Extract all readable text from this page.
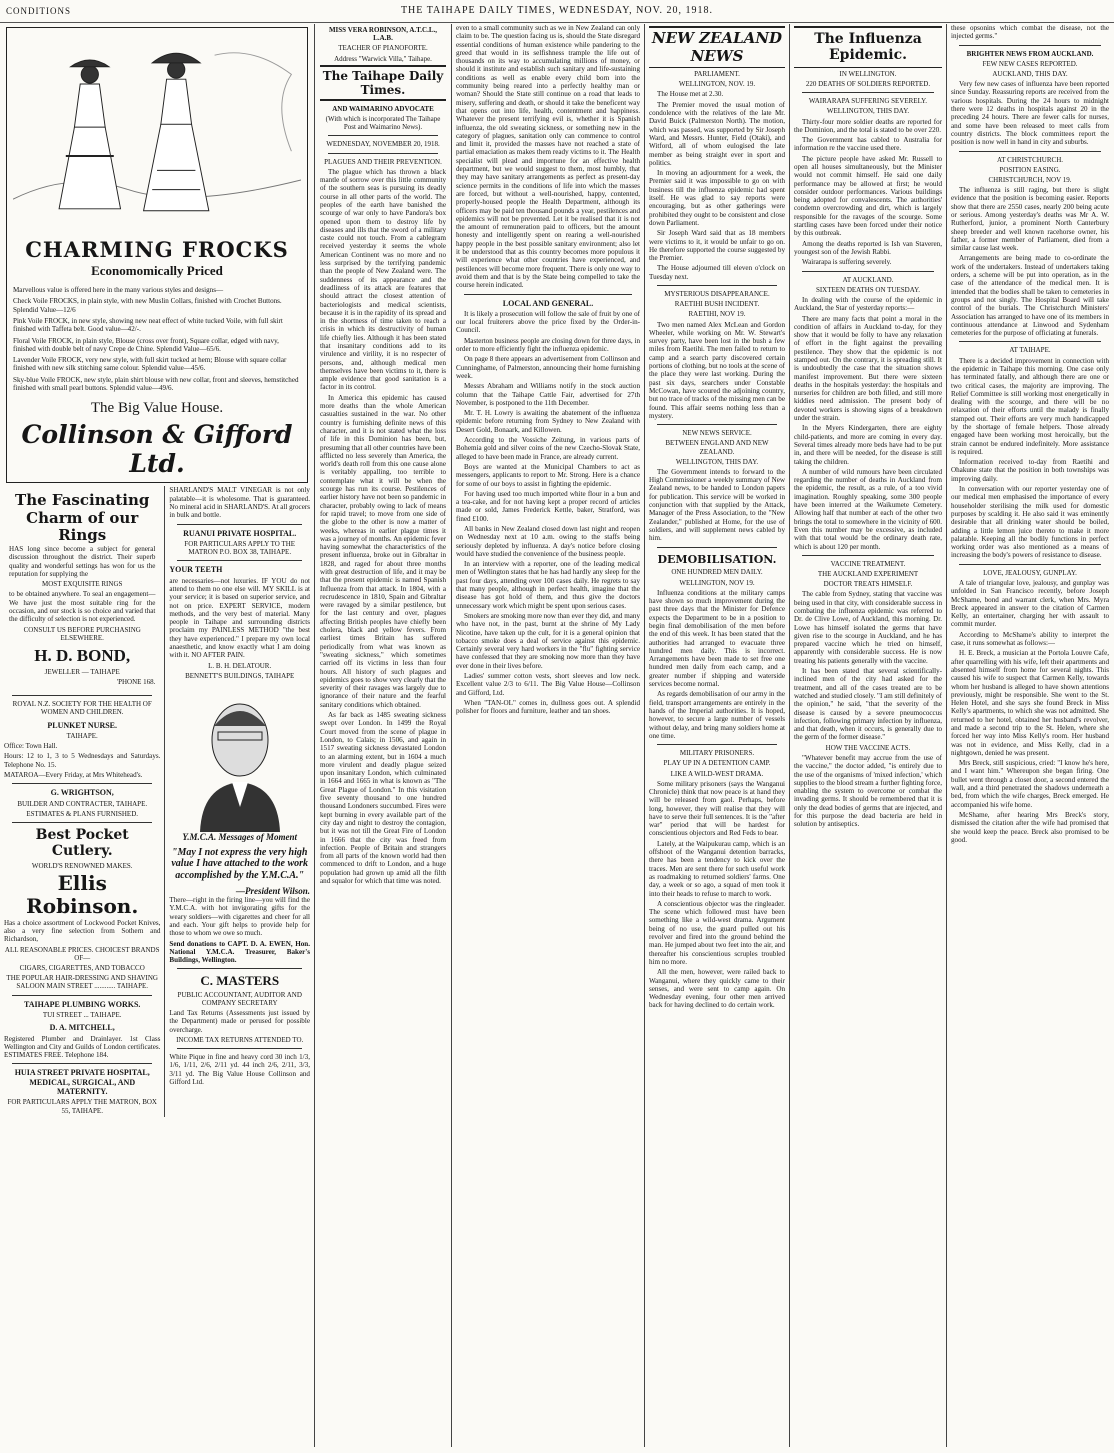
CONDITIONS	THE TAIHAPE DAILY TIMES, WEDNESDAY, NOV. 20, 1918.
CHARMING FROCKS
Economomically Priced

Marvellous value is offered here in the many various styles and designs—

Check Voile FROCKS, in plain style, with new Muslin Collars, finished with Crochet Buttons. Splendid Value—12/6

Pink Voile FROCK, in new style, showing new neat effect of white tucked Voile, with full skirt finished with Taffeta belt. Good value—42/-.

Floral Voile FROCK, in plain style, Blouse (cross over front), Square collar, edged with navy, finished with double belt of navy Crepe de Chine. Splendid Value—65/6.

Lavender Voile FROCK, very new style, with full skirt tucked at hem; Blouse with square collar finished with new silk stitching same colour. Splendid value—45/6.

Sky-blue Voile FROCK, new style, plain shirt blouse with new collar, front and sleeves, hemstitched finished with small pearl buttons. Splendid value—49/6.

The Big Value House.
Collinson & Gifford Ltd.
The Fascinating Charm of our Rings

HAS long since become a subject for general discussion throughout the district. Their superb quality and wonderful settings has won for us the reputation for supplying the

MOST EXQUISITE RINGS

to be obtained anywhere. To seal an engagement— We have just the most suitable ring for the occasion, and our stock is so choice and varied that the difficulty of selection is not experienced.

CONSULT US BEFORE PURCHASING ELSEWHERE.
H. D. BOND,
JEWELLER — TAIHAPE
'PHONE 168.
ROYAL N.Z. SOCIETY FOR THE HEALTH OF WOMEN AND CHILDREN.
PLUNKET NURSE.
TAIHAPE.

Office: Town Hall.

Hours: 12 to 1, 3 to 5 Wednesdays and Saturdays. Telephone No. 15.

MATAROA—Every Friday, at Mrs Whitehead's.

G. WRIGHTSON,
BUILDER AND CONTRACTER, TAIHAPE.
ESTIMATES & PLANS FURNISHED.
Best Pocket Cutlery.
WORLD'S RENOWNED MAKES.
Ellis Robinson.

Has a choice assortment of Lockwood Pocket Knives, also a very fine selection from Sothern and Richardson,

ALL REASONABLE PRICES. CHOICEST BRANDS OF—
CIGARS, CIGARETTES, AND TOBACCO
THE POPULAR HAIR-DRESSING AND SHAVING SALOON MAIN STREET ............ TAIHAPE.
TAIHAPE PLUMBING WORKS.
TUI STREET ... TAIHAPE.
D. A. MITCHELL,

Registered Plumber and Drainlayer. 1st Class Wellington and City and Guilds of London certificates. ESTIMATES FREE. Telephone 184.

HUIA STREET PRIVATE HOSPITAL, MEDICAL, SURGICAL, AND MATERNITY.
FOR PARTICULARS APPLY THE MATRON, BOX 55, TAIHAPE.

SHARLAND'S MALT VINEGAR is not only palatable—it is wholesome. That is guaranteed. No mineral acid in SHARLAND'S. At all grocers in bulk and bottle.

RUANUI PRIVATE HOSPITAL.
FOR PARTICULARS APPLY TO THE MATRON P.O. BOX 38, TAIHAPE.
YOUR TEETH

are necessaries—not luxuries. IF YOU do not attend to them no one else will. MY SKILL is at your service; it is based on superior service, and not on price. EXPERT SERVICE, modern methods, and the very best of material. Many people in Taihape and surrounding districts proclaim my PAINLESS METHOD "the best they have experienced." I prepare my own local anaesthetic, and know exactly what I am doing with it. NO AFTER PAIN.

L. B. H. DELATOUR.
BENNETT'S BUILDINGS, TAIHAPE
Y.M.C.A. Messages of Moment
"May I not express the very high value I have attached to the work accomplished by the Y.M.C.A."
—President Wilson.

There—right in the firing line—you will find the Y.M.C.A. with hot invigorating gifts for the weary soldiers—with cigarettes and cheer for all and each. Your gift helps to provide help for those to whom we owe so much.

Send donations to CAPT. D. A. EWEN, Hon. National Y.M.C.A. Treasurer, Baker's Buildings, Wellington.

C. MASTERS
PUBLIC ACCOUNTANT, AUDITOR AND COMPANY SECRETARY

Land Tax Returns (Assessments just issued by the Department) made or perused for possible overcharge.

INCOME TAX RETURNS ATTENDED TO.

White Pique in fine and heavy cord 30 inch 1/3, 1/6, 1/11, 2/6, 2/11 yd. 44 inch 2/6, 2/11, 3/3, 3/11 yd. The Big Value House Collinson and Gifford Ltd.

MISS VERA ROBINSON, A.T.C.L., L.A.B.
TEACHER OF PIANOFORTE.
Address "Warwick Villa," Taihape.
The Taihape Daily Times.
AND WAIMARINO ADVOCATE
(With which is incorporated The Taihape Post and Waimarino News).
WEDNESDAY, NOVEMBER 20, 1918.
PLAGUES AND THEIR PREVENTION.

The plague which has thrown a black mantle of sorrow over this little community of the southern seas is pursuing its deadly course in all other parts of the world. The peoples of the earth have banished the scourge of war only to have Pandora's box opened upon them to destroy life by diseases and ills that the sword of a military caste could not touch. From a cablegram received yesterday it seems the whole American Continent was no more and no less surprised by the terrifying pandemic than the people of New Zealand were. The suddenness of its appearance and the deadliness of its attack are features that should attract the closest attention of bacteriologists and medical scientists, because it is in the rapidity of its spread and in the shortness of time taken to reach a crisis in which its destructivity of human life chiefly lies. Although it has been stated that insanitary conditions add to its virulence and virility, it is no respecter of persons, and, although medical men themselves have been victims to it, there is ample evidence that good sanitation is a factor in its control.

In America this epidemic has caused more deaths than the whole American casualties sustained in the war. No other country is furnishing definite news of this character, and it is not stated what the loss of life in this Dominion has been, but, presuming that all other countries have been afflicted no less severely than America, the world's death roll from this one cause alone is veritably appalling, too terrible to contemplate what it will be when the scourge has run its course. Pestilences of earlier history have not been so pandemic in character, probably owing to lack of means for rapid travel; to move from one side of the globe to the other is now a matter of weeks, whereas in earlier plague times it was a journey of months. An epidemic fever having somewhat the characteristics of the present influenza, broke out in Gibraltar in 1828, and raged for about three months with great destruction of life, and it may be that the present epidemic is named Spanish Influenza from that attack. In 1804, with a recrudescence in 1810, Spain and Gibraltar were ravaged by a similar pestilence, but for the last century and over, plagues affecting British peoples have chiefly been cholera, black and yellow fevers. From earliest times Britain has suffered periodically from what was known as "sweating sickness," which sometimes carried off its victims in less than four hours. All history of such plagues and epidemics goes to show very clearly that the severity of their ravages was largely due to ignorance of their nature and the fearful sanitary conditions which obtained.

As far back as 1485 sweating sickness swept over London. In 1499 the Royal Court moved from the scene of plague in London, to Calais; in 1506, and again in 1517 sweating sickness devastated London to an alarming extent, but in 1604 a much more virulent and deadly plague seized upon insanitary London, which culminated in 1664 and 1665 in what is known as "The Great Plague of London." In this visitation five seventy thousand to one hundred thousand Londoners succumbed. Fires were kept burning in every available part of the city day and night to destroy the contagion, but it was not till the Great Fire of London in 1666 that the city was freed from infection. People of Britain and strangers from all parts of the known world had then commenced to drift to London, and a huge population had grown up amid all the filth and squalor for which that time was noted.

even to a small community such as we in New Zealand can only claim to be. The question facing us is, should the State disregard essential conditions of human existence while pandering to the greed that would in its selfishness trample the life out of thousands on its way to accumulating millions of money, or should it institute and establish such sanitary and life-sustaining conditions as well as enable every child born into the community being reared into a perfectly healthy man or woman? Should the State still continue on a road that leads to misery, suffering and death, or should it take the beneficent way that opens out into life, health, contentment and happiness. Whatever the present terrifying evil is, whether it is Spanish influenza, the old sweating sickness, or something new in the category of plagues, sanitation only can commence to control and limit it, provided the masses have not reached a state of partial emaciation as makes them ready victims to it. The Health specialist will plead and importune for an effective health department, but we would suggest to them, most humbly, that they may have sanitary arrangements as perfect as present-day science permits in the conditions of life into which the masses are forced, but without a well-nourished, happy, contented, properly-housed people the Health Department, although its officers may be paid ten thousand pounds a year, pestilences and epidemics will not be prevented. Let it be realised that it is not the amount of remuneration paid to officers, but the amount honesty and intelligently spent on rearing a well-nourished happy people in the best possible sanitary environment; also let it be understood that as this country becomes more populous it will experience what other countries have experienced, and pestilences will become more frequent. There is only one way to avoid them and that is by the State being compelled to take the course herein indicated.

LOCAL AND GENERAL.

It is likely a prosecution will follow the sale of fruit by one of our local fruiterers above the price fixed by the Order-in-Council.

Masterton business people are closing down for three days, in order to more efficiently fight the influenza epidemic.

On page 8 there appears an advertisement from Collinson and Cunninghame, of Palmerston, announcing their home furnishing week.

Messrs Abraham and Williams notify in the stock auction column that the Taihape Cattle Fair, advertised for 27th November, is postponed to the 11th December.

Mr. T. H. Lowry is awaiting the abatement of the influenza epidemic before returning from Sydney to New Zealand with Desert Gold, Bonaark, and Killowen.

According to the Vossiche Zeitung, in various parts of Bohemia gold and silver coins of the new Czecho-Slovak State, alleged to have been made in France, are already current.

Boys are wanted at the Municipal Chambers to act as messengers, applicants to report to Mr. Strong. Here is a chance for some of our boys to assist in fighting the epidemic.

For having used too much imported white flour in a bun and a tea-cake, and for not having kept a proper record of articles made or sold, James Frederick Kettle, baker, Stratford, was fined £100.

All banks in New Zealand closed down last night and reopen on Wednesday next at 10 a.m. owing to the staffs being seriously depleted by influenza. A day's notice before closing would have studied the convenience of the business people.

In an interview with a reporter, one of the leading medical men of Wellington states that he has had hardly any sleep for the past four days, attending over 100 cases daily. He regrets to say that many people, although in perfect health, imagine that the disease has got hold of them, and thus give the doctors unnecessary work which might be spent upon serious cases.

Smokers are smoking more now than ever they did, and many who have not, in the past, burnt at the shrine of My Lady Nicotine, have taken up the cult, for it is a general opinion that tobacco smoke does a deal of service against this epidemic. Certainly several very hard workers in the "flu" fighting service have confessed that they are smoking now more than they have ever done in their lives before.

Ladies' summer cotton vests, short sleeves and low neck. Excellent value 2/3 to 6/11. The Big Value House—Collinson and Gifford, Ltd.

When "TAN-OL" comes in, dullness goes out. A splendid polisher for floors and furniture, leather and tan shoes.

NEW ZEALAND NEWS
PARLIAMENT.
WELLINGTON, NOV. 19.

The House met at 2.30.

The Premier moved the usual motion of condolence with the relatives of the late Mr. David Buick (Palmerston North). The motion, which was passed, was supported by Sir Joseph Ward, and Messrs. Hunter, Field (Otaki), and Witford, all of whom eulogised the late member as being straight ever in sport and politics.

In moving an adjournment for a week, the Premier said it was impossible to go on with business till the influenza epidemic had spent itself. He was glad to say reports were encouraging, but as other gatherings were prohibited they ought to be consistent and close down Parliament.

Sir Joseph Ward said that as 18 members were victims to it, it would be unfair to go on. He therefore supported the course suggested by the Premier.

The House adjourned till eleven o'clock on Tuesday next.

MYSTERIOUS DISAPPEARANCE.
RAETIHI BUSH INCIDENT.
RAETIHI, NOV 19.

Two men named Alex McLean and Gordon Wheeler, while working on Mr. W. Stewart's survey party, have been lost in the bush a few miles from Raetihi. The men failed to return to camp and a search party discovered certain portions of clothing, but no tools at the scene of the place they were last working. During the past six days, searchers under Constable McCowan, have scoured the adjoining country, but no trace of tracks of the missing men can be found. This affair seems nothing less than a mystery.

NEW NEWS SERVICE.
BETWEEN ENGLAND AND NEW ZEALAND.
WELLINGTON, THIS DAY.

The Government intends to forward to the High Commissioner a weekly summary of New Zealand news, to be handed to London papers for publication. This service will be worked in conjunction with that supplied by the Attack, Manager of the Press Association, to the "New Zealander," published at Home, for the use of soldiers, and will supplement news cabled by him.

DEMOBILISATION.
ONE HUNDRED MEN DAILY.
WELLINGTON, NOV 19.

Influenza conditions at the military camps have shown so much improvement during the past three days that the Minister for Defence expects the Department to be in a position to begin final demobilisation of the men before the end of this week. It has been stated that the authorities had arranged to evacuate three hundred men daily. This is incorrect. Arrangements have been made to set free one hundred men daily from each camp, and a greater number if shipping and waterside services become normal.

As regards demobilisation of our army in the field, transport arrangements are entirely in the hands of the Imperial authorities. It is hoped, however, to secure a large number of vessels without delay, and bring many soldiers home at one time.

MILITARY PRISONERS.
PLAY UP IN A DETENTION CAMP.
LIKE A WILD-WEST DRAMA.

Some military prisoners (says the Wanganui Chronicle) think that now peace is at hand they will be released from gaol. Perhaps, before long, however, they will realise that they will have to serve their full sentences. It is the "after war" period that will be hardest for conscientious objectors and Red Feds to bear.

Lately, at the Waipukurau camp, which is an offshoot of the Wanganui detention barracks, there has been a tendency to kick over the traces. Men are sent there for such useful work as roadmaking to returned soldiers' farms. One day, a week or so ago, a squad of men took it into their heads to refuse to march to work.

A conscientious objector was the ringleader. The scene which followed must have been something like a wild-west drama. Argument being of no use, the guard pulled out his revolver and fired into the ground behind the man. He jumped about two feet into the air, and thereafter his conscientious scruples troubled him no more.

All the men, however, were railed back to Wanganui, where they quickly came to their senses, and were sent to camp again. On Wednesday evening, four other men arrived back for having declined to do certain work.

The Influenza Epidemic.
IN WELLINGTON.
220 DEATHS OF SOLDIERS REPORTED.
WAIRARAPA SUFFERING SEVERELY.
WELLINGTON, THIS DAY.

Thirty-four more soldier deaths are reported for the Dominion, and the total is stated to be over 220.

The Government has cabled to Australia for information re the vaccine used there.

The picture people have asked Mr. Russell to open all houses simultaneously, but the Minister would not commit himself. He said one daily performance may be allowed at first; he would consider outdoor performances. Various buildings being adopted for convalescents. The authorities' condemn overcrowding and dirt, which is largely responsible for the ravages of the scourge. Some startling cases have been forced under their notice by this outbreak.

Among the deaths reported is Ish van Staveren, youngest son of the Jewish Rabbi.

Wairarapa is suffering severely.

AT AUCKLAND.
SIXTEEN DEATHS ON TUESDAY.

In dealing with the course of the epidemic in Auckland, the Star of yesterday reports:—

There are many facts that point a moral in the condition of affairs in Auckland to-day, for they show that it would be folly to have any relaxation of effort in the fight against the prevailing pestilence. They show that the epidemic is not stamped out. On the contrary, it is spreading still. It is undoubtedly the case that the situation shows manifest improvement. But there were sixteen deaths in the hospitals yesterday: the hospitals and nurseries for children are both filled, and still more kiddies need admission. The present body of devoted workers is showing signs of a breakdown under the strain.

In the Myers Kindergarten, there are eighty child-patients, and more are coming in every day. Several times already more beds have had to be put in, and there will be needed, for the disease is still taking the children.

A number of wild rumours have been circulated regarding the number of deaths in Auckland from the epidemic, the result, as a rule, of a too vivid imagination. Roughly speaking, some 300 people have been interred at the Waikumete Cemetery. Allowing half that number at each of the other two brings the total to somewhere in the vicinity of 600. Even this number may be excessive, as included with that total would be the ordinary death rate, which is about 120 per month.

VACCINE TREATMENT.
THE AUCKLAND EXPERIMENT
DOCTOR TREATS HIMSELF.

The cable from Sydney, stating that vaccine was being used in that city, with considerable success in combating the influenza epidemic was referred to Dr. de Clive Lowe, of Auckland, this morning. Dr. Lowe has himself isolated the germs that have given rise to the scourge in Auckland, and he has prepared vaccine which he tried on himself, apparently with considerable success. He is now treating his patients generally with the vaccine.

It has been stated that several scientifically-inclined men of the city had asked for the treatment, and all of the cases treated are to be watched and studied closely. "I am still definitely of the opinion," he said, "that the severity of the disease is caused by a severe pneumococcus infection, following primary infection by influenza, and that death, when it occurs, is generally due to the germ of the former disease."

HOW THE VACCINE ACTS.

"Whatever benefit may accrue from the use of the vaccine," the doctor added, "is entirely due to the use of the organisms of 'mixed infection,' which supplies to the blood stream a further fighting force, enabling the system to overcome or combat the invading germs. It should be remembered that it is only the dead bodies of germs that are injected, and for this purpose the dead bacteria are held in solution by antiseptics.

these opsonins which combat the disease, not the injected germs."

BRIGHTER NEWS FROM AUCKLAND.
FEW NEW CASES REPORTED.
AUCKLAND, THIS DAY.

Very few new cases of influenza have been reported since Sunday. Reassuring reports are received from the various hospitals. During the 24 hours to midnight there were 12 deaths in hospitals against 20 in the preceding 24 hours. There are fewer calls for nurses, and some have been released to meet calls from country districts. The block committees report the position is now well in hand in city and suburbs.

AT CHRISTCHURCH.
POSITION EASING.
CHRISTCHURCH, NOV 19.

The influenza is still raging, but there is slight evidence that the position is becoming easier. Reports show that there are 2550 cases, nearly 200 being acute or serious. Among yesterday's deaths was Mr A. W. Rutherford, junior, a prominent North Canterbury sheep breeder and well known racehorse owner, his father, a former member of Parliament, died from a similar cause last week.

Arrangements are being made to co-ordinate the work of the undertakers. Instead of undertakers taking orders, a scheme will be put into operation, as in the case of the attendance of the medical men. It is intended that the bodies shall be taken to cemeteries in groups and not singly. The Hospital Board will take control of the burials. The Christchurch Ministers' Association has arranged to have one of its members in continuous attendance at Linwood and Sydenham cemeteries for the purpose of officiating at funerals.

AT TAIHAPE.

There is a decided improvement in connection with the epidemic in Taihape this morning. One case only has terminated fatally, and although there are one or two critical cases, the majority are improving. The Relief Committee is still working most energetically in dealing with the scourge, and there will be no relaxation of their efforts until the malady is finally stamped out. Their efforts are very much handicapped by the shortage of female helpers. Those already engaged have been working most heroically, but the strain cannot be endured indefinitely. More assistance is required.

Information received to-day from Raetihi and Ohakune state that the position in both townships was improving daily.

In conversation with our reporter yesterday one of our medical men emphasised the importance of every householder sterilising the milk used for domestic purposes by scalding it. He also said it was eminently desirable that all drinking water should be boiled, adding a little lemon juice thereto to make it more palatable. Keeping all the bodily functions in perfect working order was also mentioned as a means of increasing the body's powers of resistance to disease.

LOVE, JEALOUSY, GUNPLAY.

A tale of triangular love, jealousy, and gunplay was unfolded in San Francisco recently, before Joseph McShame, bond and warrant clerk, when Mrs. Myra Breck appeared in answer to the citation of Carmen Kelly, an entertainer, charging her with assault to commit murder.

According to McShame's ability to interpret the case, it runs somewhat as follows:—

H. E. Breck, a musician at the Portola Louvre Cafe, after quarrelling with his wife, left their apartments and absented himself from home for several nights. This caused his wife to suspect that Carmen Kelly, towards whom her husband is alleged to have shown attentions previously, might be responsible. She went to the St. Helen Hotel, and she says she found Breck in Miss Kelly's apartments, to which she was not admitted. She returned to her hotel, obtained her husband's revolver, and made a second trip to the St. Helen, where she forced her way into Miss Kelly's room. Her husband was not in evidence, and Miss Kelly, clad in a nightgown, denied he was present.

Mrs Breck, still suspicious, cried: "I know he's here, and I want him." Whereupon she began firing. One bullet went through a closet door, a second entered the wall, and a third penetrated the shadows underneath a bed, from which the wife charges, Breck emerged. He accompanied his wife home.

McShame, after hearing Mrs Breck's story, dismissed the citation after the wife had promised that she would keep the peace. Breck also promised to be good.
